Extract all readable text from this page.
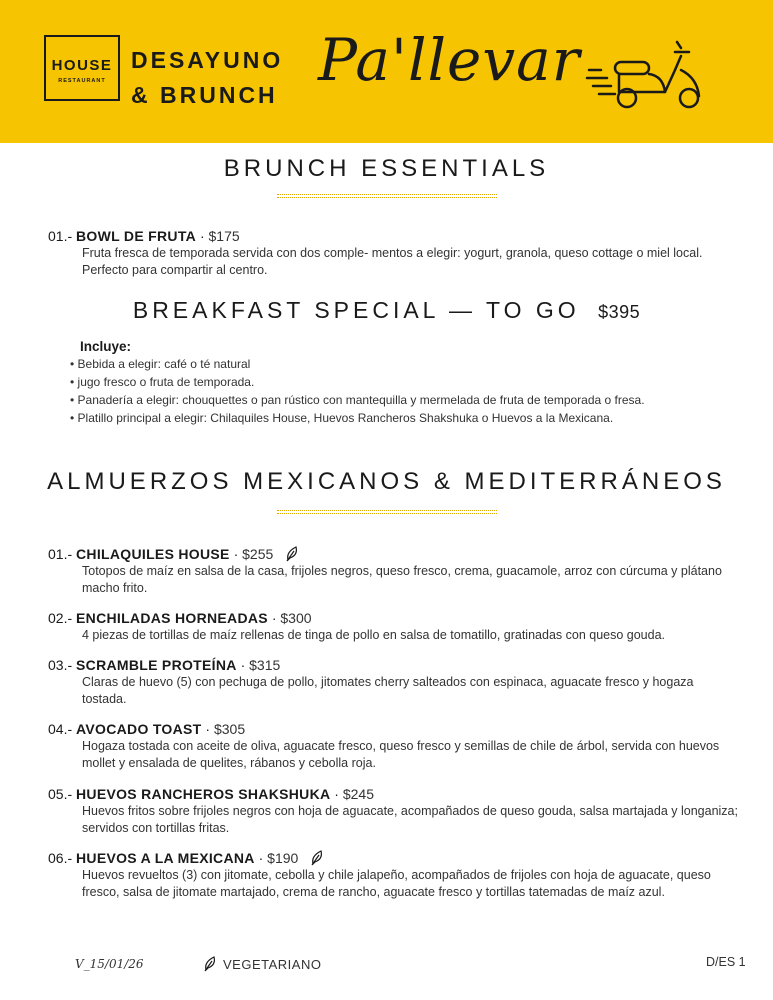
HOUSE
RESTAURANT
DESAYUNO
& BRUNCH
Pa'llevar
BRUNCH ESSENTIALS
01.- BOWL DE FRUTA · $175
Fruta fresca de temporada servida con dos comple- mentos a elegir: yogurt, granola, queso cottage o miel local. Perfecto para compartir al centro.
BREAKFAST SPECIAL — TO GO $395
Incluye:
• Bebida a elegir: café o té natural
• jugo fresco o fruta de temporada.
• Panadería a elegir: chouquettes o pan rústico con mantequilla y mermelada de fruta de temporada o fresa.
• Platillo principal a elegir: Chilaquiles House, Huevos Rancheros Shakshuka o Huevos a la Mexicana.
ALMUERZOS MEXICANOS & MEDITERRÁNEOS
01.- CHILAQUILES HOUSE · $255
Totopos de maíz en salsa de la casa, frijoles negros, queso fresco, crema, guacamole, arroz con cúrcuma y plátano macho frito.
02.- ENCHILADAS HORNEADAS · $300
4 piezas de tortillas de maíz rellenas de tinga de pollo en salsa de tomatillo, gratinadas con queso gouda.
03.- SCRAMBLE PROTEÍNA · $315
Claras de huevo (5) con pechuga de pollo, jitomates cherry salteados con espinaca, aguacate fresco y hogaza tostada.
04.- AVOCADO TOAST · $305
Hogaza tostada con aceite de oliva, aguacate fresco, queso fresco y semillas de chile de árbol, servida con huevos mollet y ensalada de quelites, rábanos y cebolla roja.
05.- HUEVOS RANCHEROS SHAKSHUKA · $245
Huevos fritos sobre frijoles negros con hoja de aguacate, acompañados de queso gouda, salsa martajada y longaniza; servidos con tortillas fritas.
06.- HUEVOS A LA MEXICANA · $190
Huevos revueltos (3) con jitomate, cebolla y chile jalapeño, acompañados de frijoles con hoja de aguacate, queso fresco, salsa de jitomate martajado, crema de rancho, aguacate fresco y tortillas tatemadas de maíz azul.
V_15/01/26	VEGETARIANO	D/ES 1
